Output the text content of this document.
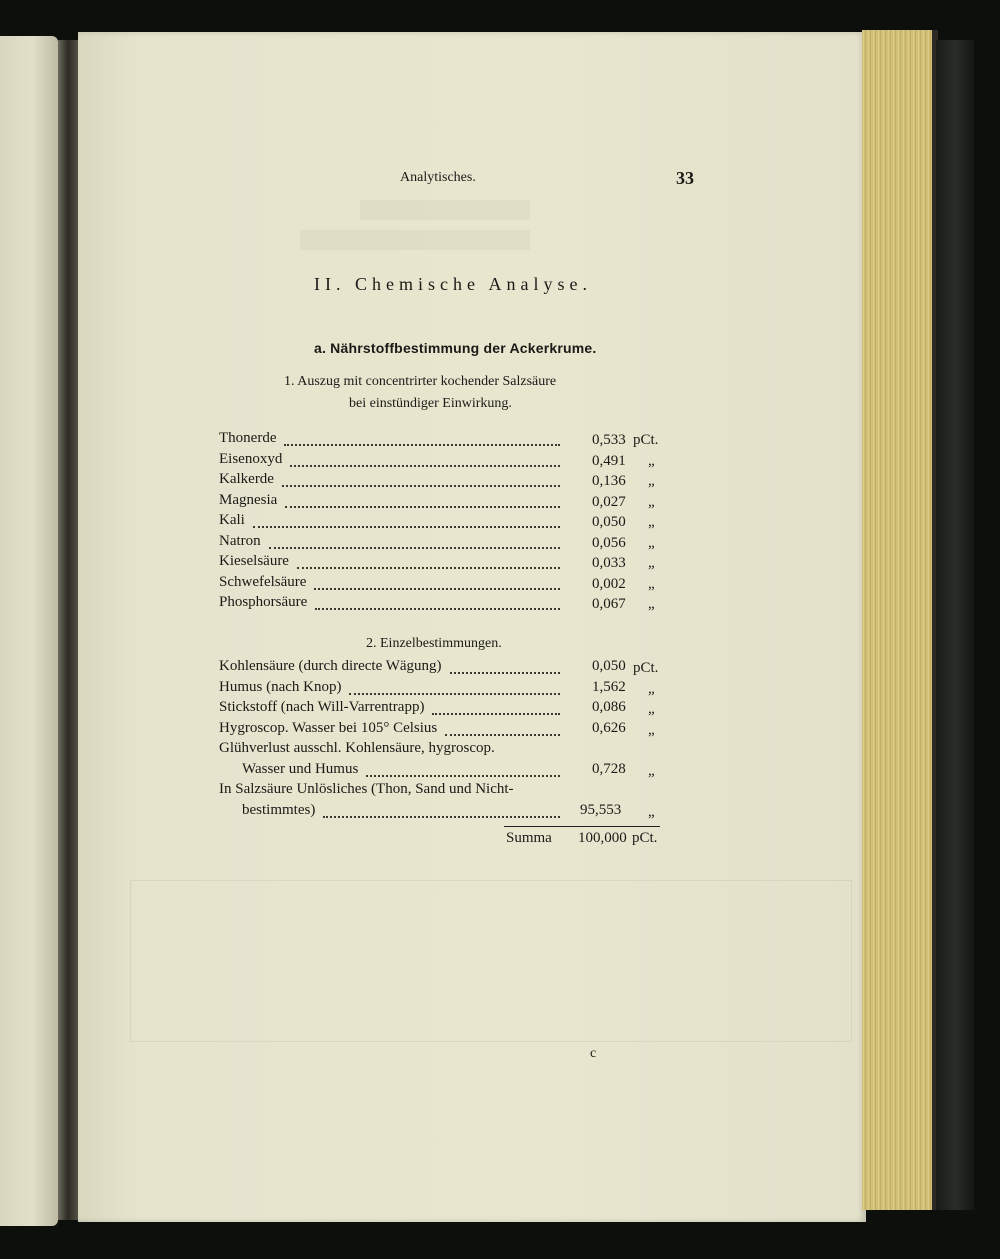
Analytisches.	33
II. Chemische Analyse.
a. Nährstoffbestimmung der Ackerkrume.
1. Auszug mit concentrirter kochender Salzsäure
bei einstündiger Einwirkung.
Thonerde	0,533 pCt.
Eisenoxyd	0,491 „
Kalkerde	0,136 „
Magnesia	0,027 „
Kali	0,050 „
Natron	0,056 „
Kieselsäure	0,033 „
Schwefelsäure	0,002 „
Phosphorsäure	0,067 „
2. Einzelbestimmungen.
Kohlensäure (durch directe Wägung)	0,050 pCt.
Humus (nach Knop)	1,562 „
Stickstoff (nach Will-Varrentrapp)	0,086 „
Hygroscop. Wasser bei 105° Celsius	0,626 „
Glühverlust ausschl. Kohlensäure, hygroscop.
Wasser und Humus	0,728 „
In Salzsäure Unlösliches (Thon, Sand und Nicht-
bestimmtes)	95,553 „
Summa 100,000 pCt.
c
